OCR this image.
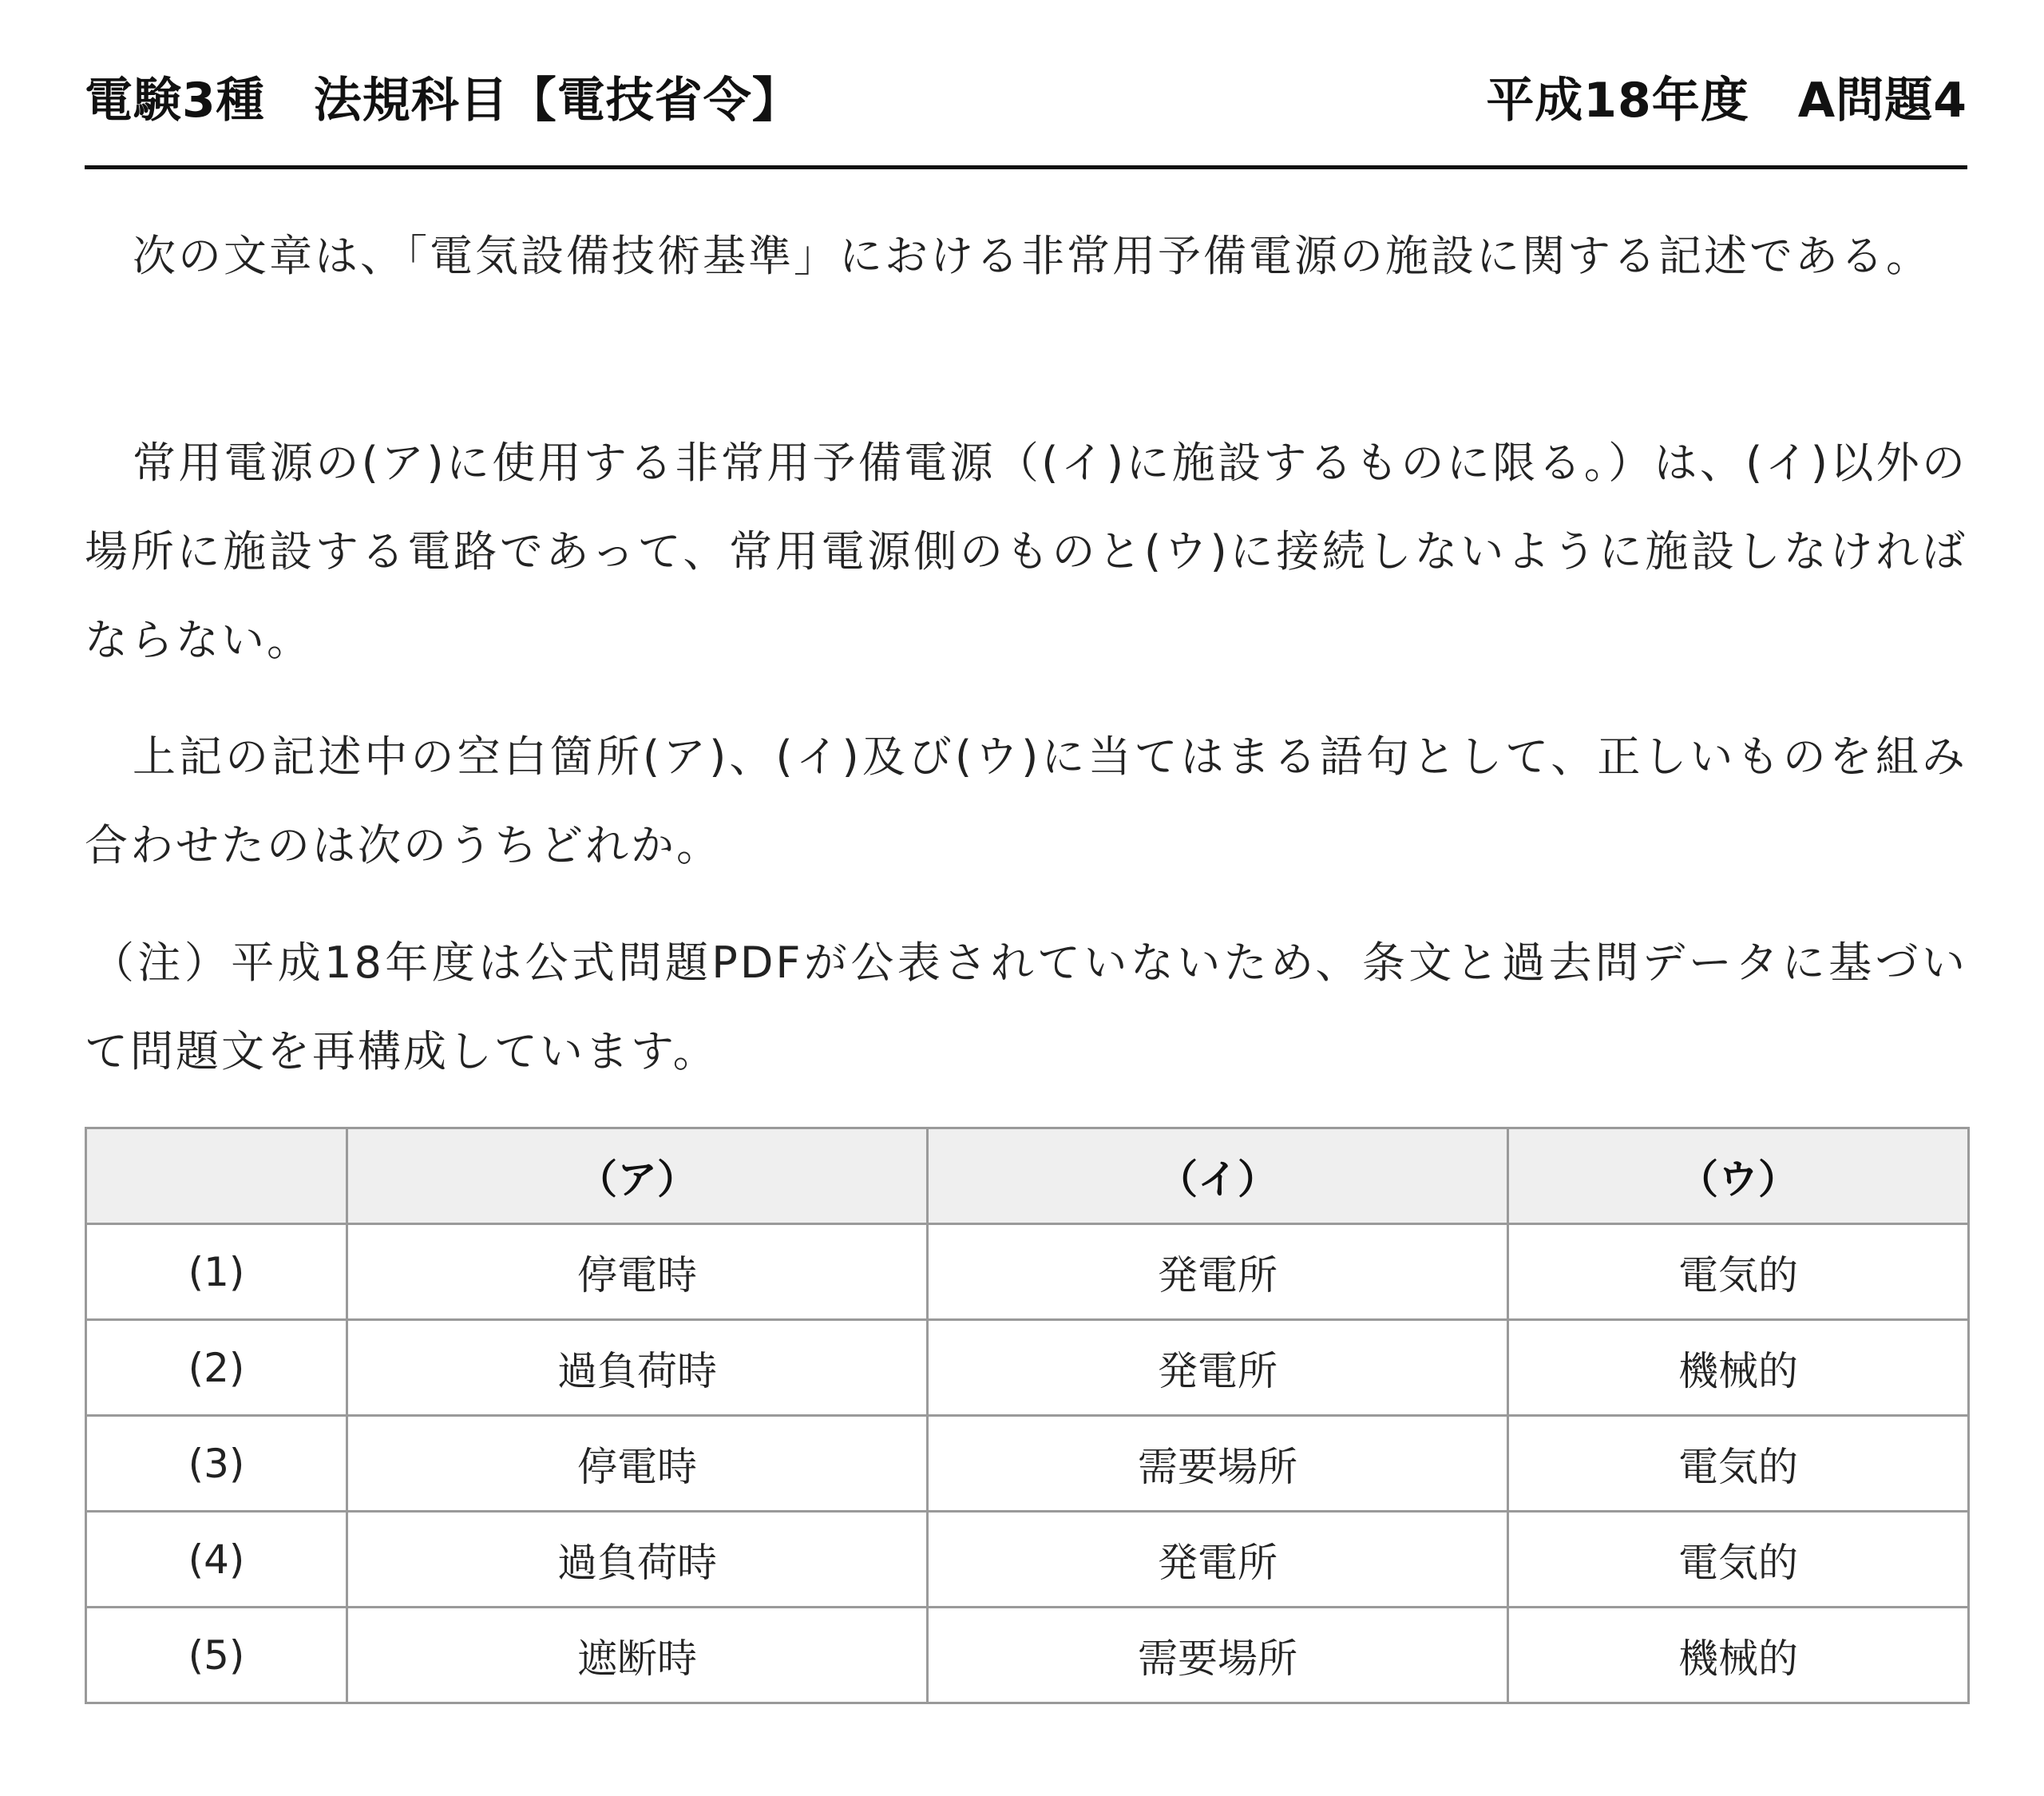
電験3種　法規科目【電技省令】	平成18年度　A問題4

次の文章は、「電気設備技術基準」における非常用予備電源の施設に関する記述である。

常用電源の(ア)に使用する非常用予備電源（(イ)に施設するものに限る。）は、(イ)以外の場所に施設する電路であって、常用電源側のものと(ウ)に接続しないように施設しなければならない。

上記の記述中の空白箇所(ア)、(イ)及び(ウ)に当てはまる語句として、正しいものを組み合わせたのは次のうちどれか。

（注）平成18年度は公式問題PDFが公表されていないため、条文と過去問データに基づいて問題文を再構成しています。

	（ア）	（イ）	（ウ）
(1)	停電時	発電所	電気的
(2)	過負荷時	発電所	機械的
(3)	停電時	需要場所	電気的
(4)	過負荷時	発電所	電気的
(5)	遮断時	需要場所	機械的
